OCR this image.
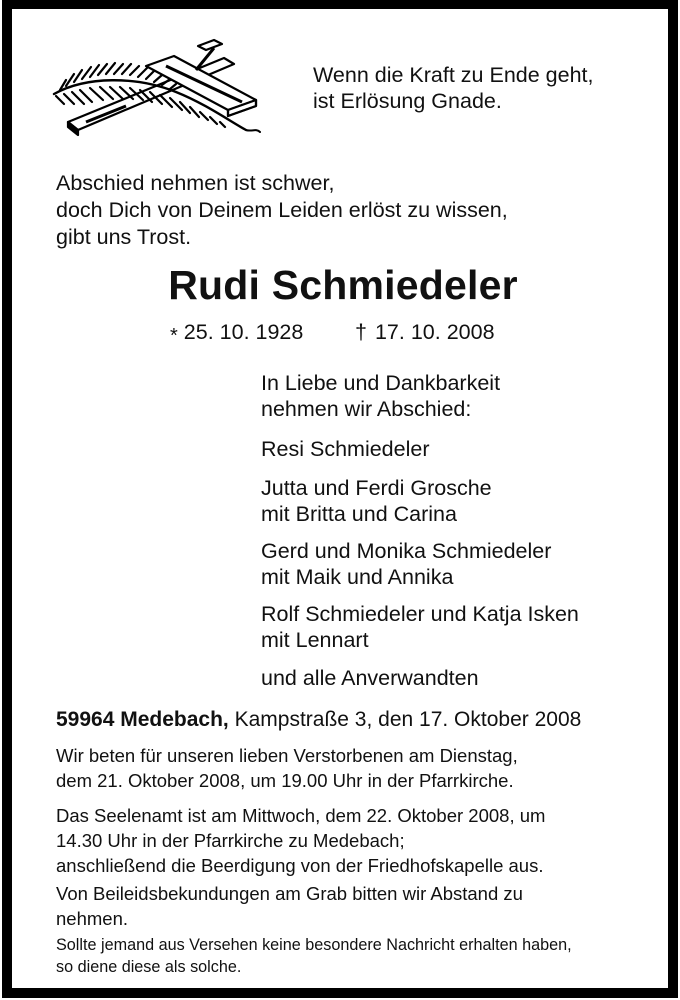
Wenn die Kraft zu Ende geht,
ist Erlösung Gnade.
Abschied nehmen ist schwer,
doch Dich von Deinem Leiden erlöst zu wissen,
gibt uns Trost.
Rudi Schmiedeler
* 25. 10. 1928 † 17. 10. 2008
In Liebe und Dankbarkeit
nehmen wir Abschied:
Resi Schmiedeler
Jutta und Ferdi Grosche
mit Britta und Carina
Gerd und Monika Schmiedeler
mit Maik und Annika
Rolf Schmiedeler und Katja Isken
mit Lennart
und alle Anverwandten
59964 Medebach, Kampstraße 3, den 17. Oktober 2008
Wir beten für unseren lieben Verstorbenen am Dienstag,
dem 21. Oktober 2008, um 19.00 Uhr in der Pfarrkirche.
Das Seelenamt ist am Mittwoch, dem 22. Oktober 2008, um
14.30 Uhr in der Pfarrkirche zu Medebach;
anschließend die Beerdigung von der Friedhofskapelle aus.
Von Beileidsbekundungen am Grab bitten wir Abstand zu
nehmen.
Sollte jemand aus Versehen keine besondere Nachricht erhalten haben,
so diene diese als solche.
